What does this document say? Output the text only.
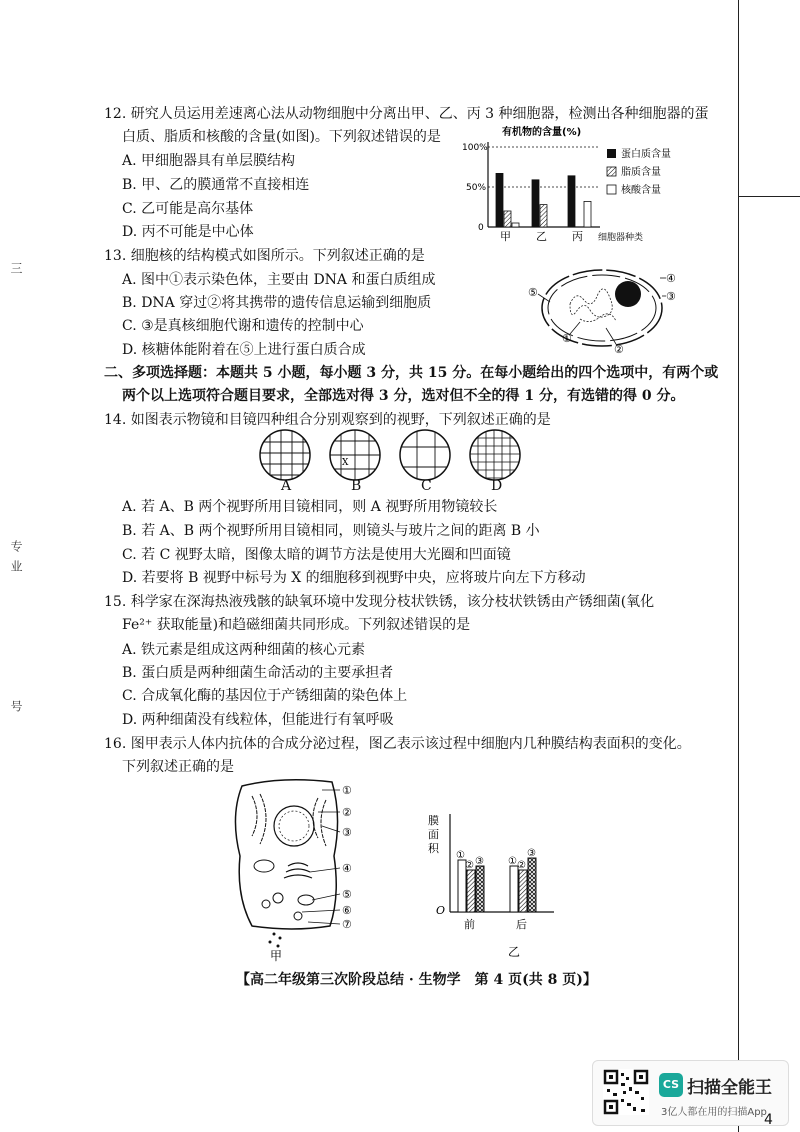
三
专
业
号
12. 研究人员运用差速离心法从动物细胞中分离出甲、乙、丙 3 种细胞器，检测出各种细胞器的蛋
白质、脂质和核酸的含量(如图)。下列叙述错误的是
A. 甲细胞器具有单层膜结构
B. 甲、乙的膜通常不直接相连
C. 乙可能是高尔基体
D. 丙不可能是中心体
有机物的含量(%)
100%
50%
0
甲 乙 丙 细胞器种类
蛋白质含量
脂质含量
核酸含量
13. 细胞核的结构模式如图所示。下列叙述正确的是
A. 图中①表示染色体，主要由 DNA 和蛋白质组成
B. DNA 穿过②将其携带的遗传信息运输到细胞质
C. ③是真核细胞代谢和遗传的控制中心
D. 核糖体能附着在⑤上进行蛋白质合成
④
③
⑤
①
②
二、多项选择题：本题共 5 小题，每小题 3 分，共 15 分。在每小题给出的四个选项中，有两个或
两个以上选项符合题目要求，全部选对得 3 分，选对但不全的得 1 分，有选错的得 0 分。
14. 如图表示物镜和目镜四种组合分别观察到的视野，下列叙述正确的是
X
A	B	C	D
A. 若 A、B 两个视野所用目镜相同，则 A 视野所用物镜较长
B. 若 A、B 两个视野所用目镜相同，则镜头与玻片之间的距离 B 小
C. 若 C 视野太暗，图像太暗的调节方法是使用大光圈和凹面镜
D. 若要将 B 视野中标号为 X 的细胞移到视野中央，应将玻片向左下方移动
15. 科学家在深海热液残骸的缺氧环境中发现分枝状铁锈，该分枝状铁锈由产锈细菌(氧化
Fe²⁺ 获取能量)和趋磁细菌共同形成。下列叙述错误的是
A. 铁元素是组成这两种细菌的核心元素
B. 蛋白质是两种细菌生命活动的主要承担者
C. 合成氧化酶的基因位于产锈细菌的染色体上
D. 两种细菌没有线粒体，但能进行有氧呼吸
16. 图甲表示人体内抗体的合成分泌过程，图乙表示该过程中细胞内几种膜结构表面积的变化。
下列叙述正确的是
①
②
③
④
⑤
⑥
⑦
甲
膜
面
积
O
①
② ③ ① ②
③
前	后
乙
【高二年级第三次阶段总结 · 生物学　第 4 页(共 8 页)】
CS 扫描全能王
3亿人都在用的扫描App
4
